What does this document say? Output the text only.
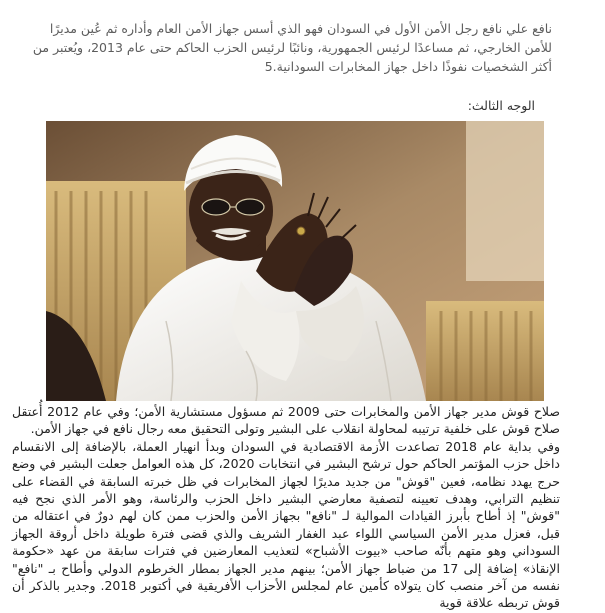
نافع علي نافع رجل الأمن الأول في السودان فهو الذي أسس جهاز الأمن العام وأداره ثم عُين مديرًا للأمن الخارجي، ثم مساعدًا لرئيس الجمهورية، ونائبًا لرئيس الحزب الحاكم حتى عام 2013، ويُعتبر من أكثر الشخصيات نفوذًا داخل جهاز المخابرات السودانية.5

الوجه الثالث:

صلاح قوش مدير جهاز الأمن والمخابرات حتى 2009 ثم مسؤول مستشارية الأمن؛ وفي عام 2012 أُعتقل صلاح قوش على خلفية ترتيبه لمحاولة انقلاب على البشير وتولى التحقيق معه رجال نافع في جهاز الأمن.

وفي بداية عام 2018 تصاعدت الأزمة الاقتصادية في السودان وبدأ انهيار العملة، بالإضافة إلى الانقسام داخل حزب المؤتمر الحاكم حول ترشح البشير في انتخابات 2020، كل هذه العوامل جعلت البشير في وضع حرج يهدد نظامه، فعين "قوش" من جديد مديرًا لجهاز المخابرات في ظل خبرته السابقة في القضاء على تنظيم الترابي، وهدف تعيينه لتصفية معارضي البشير داخل الحزب والرئاسة، وهو الأمر الذي نجح فيه "قوش" إذ أطاح بأبرز القيادات الموالية لـ "نافع" بجهاز الأمن والحزب ممن كان لهم دورٌ في اعتقاله من قبل، فعزل مدير الأمن السياسي اللواء عبد الغفار الشريف والذي قضى فترة طويلة داخل أروقة الجهاز السوداني وهو متهم بأنّه صاحب «بيوت الأشباح» لتعذيب المعارضين في فترات سابقة من عهد «حكومة الإنقاذ» إضافة إلى 17 من ضباط جهاز الأمن؛ بينهم مدير الجهاز بمطار الخرطوم الدولي وأطاح بـ "نافع" نفسه من آخر منصب كان يتولاه كأمين عام لمجلس الأحزاب الأفريقية في أكتوبر 2018. وجدير بالذكر أن قوش تربطه علاقة قوية
